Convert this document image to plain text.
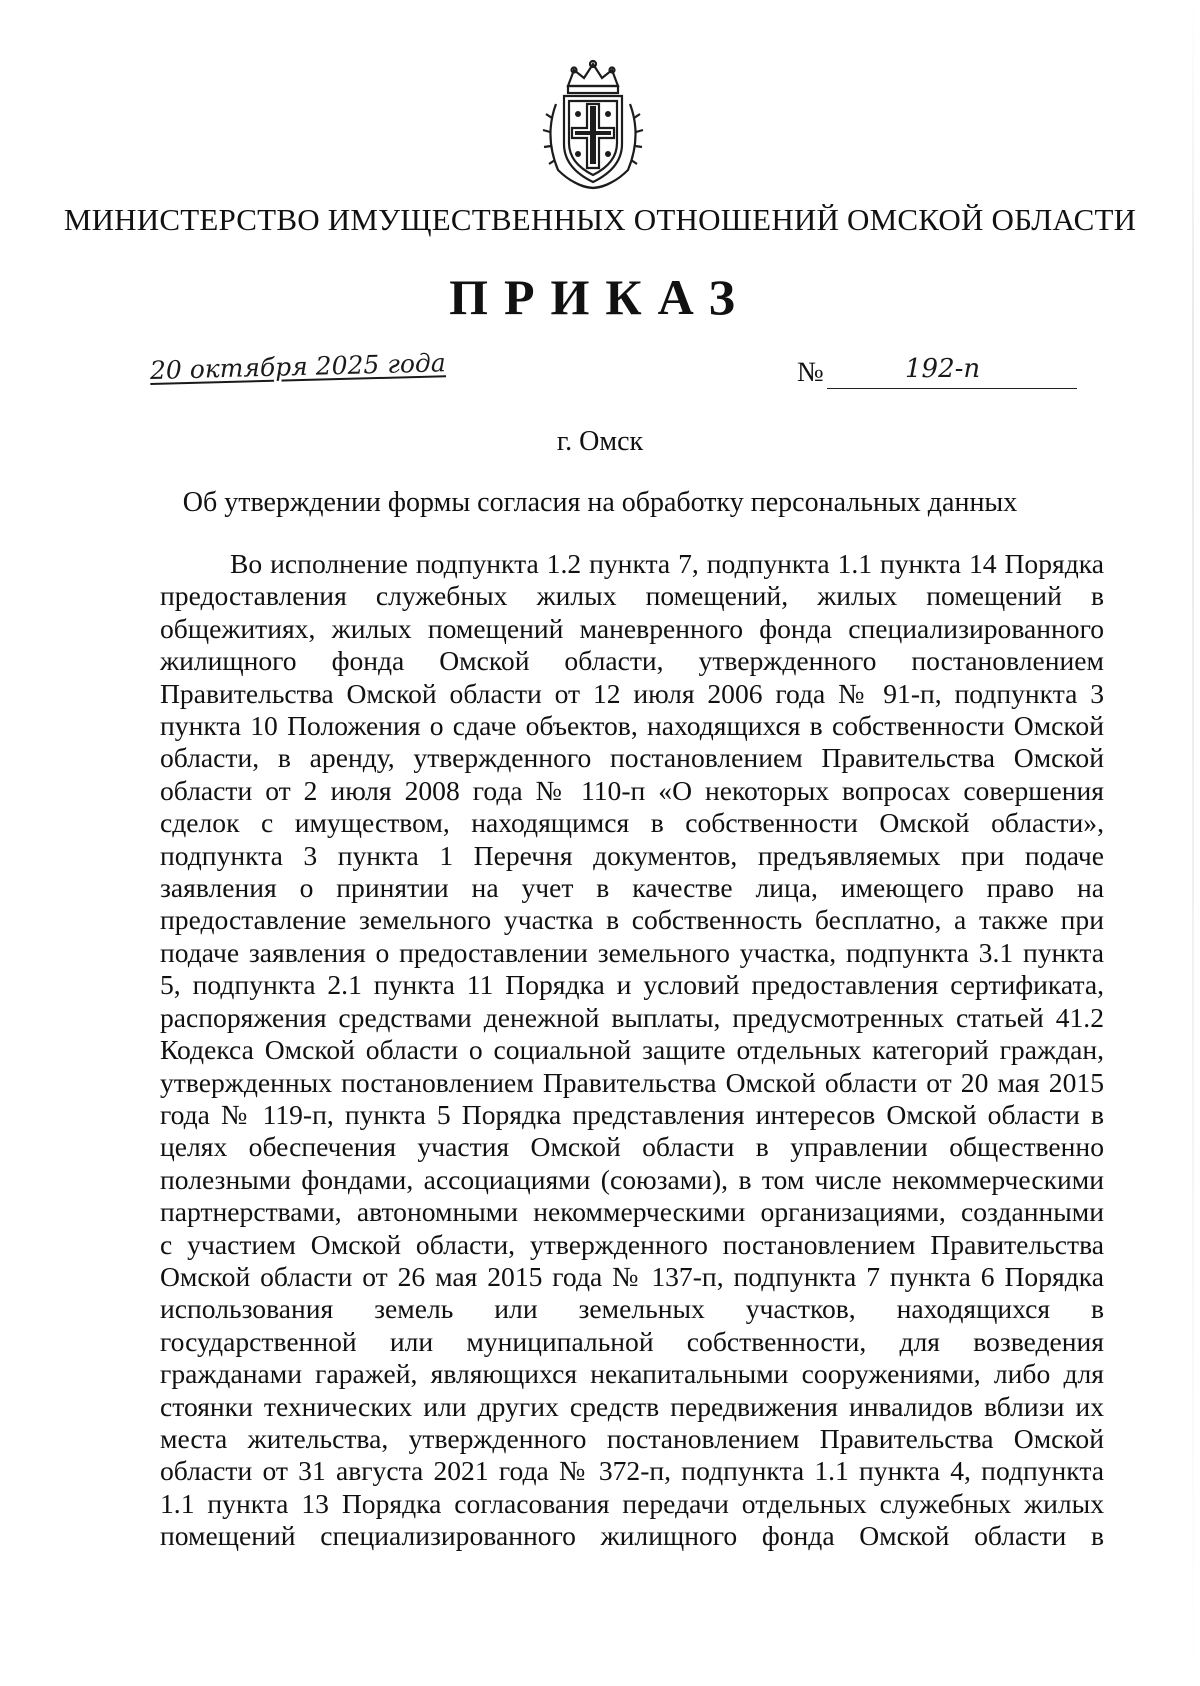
МИНИСТЕРСТВО ИМУЩЕСТВЕННЫХ ОТНОШЕНИЙ ОМСКОЙ ОБЛАСТИ
ПРИКАЗ
20 октября 2025 года	№	192-п
г. Омск
Об утверждении формы согласия на обработку персональных данных
Во исполнение подпункта 1.2 пункта 7, подпункта 1.1 пункта 14 Порядка
предоставления служебных жилых помещений, жилых помещений в
общежитиях, жилых помещений маневренного фонда специализированного
жилищного фонда Омской области, утвержденного постановлением
Правительства Омской области от 12 июля 2006 года № 91-п, подпункта 3
пункта 10 Положения о сдаче объектов, находящихся в собственности Омской
области, в аренду, утвержденного постановлением Правительства Омской
области от 2 июля 2008 года № 110-п «О некоторых вопросах совершения
сделок с имуществом, находящимся в собственности Омской области»,
подпункта 3 пункта 1 Перечня документов, предъявляемых при подаче
заявления о принятии на учет в качестве лица, имеющего право на
предоставление земельного участка в собственность бесплатно, а также при
подаче заявления о предоставлении земельного участка, подпункта 3.1 пункта
5, подпункта 2.1 пункта 11 Порядка и условий предоставления сертификата,
распоряжения средствами денежной выплаты, предусмотренных статьей 41.2
Кодекса Омской области о социальной защите отдельных категорий граждан,
утвержденных постановлением Правительства Омской области от 20 мая 2015
года № 119-п, пункта 5 Порядка представления интересов Омской области в
целях обеспечения участия Омской области в управлении общественно
полезными фондами, ассоциациями (союзами), в том числе некоммерческими
партнерствами, автономными некоммерческими организациями, созданными
с участием Омской области, утвержденного постановлением Правительства
Омской области от 26 мая 2015 года № 137-п, подпункта 7 пункта 6 Порядка
использования земель или земельных участков, находящихся в
государственной или муниципальной собственности, для возведения
гражданами гаражей, являющихся некапитальными сооружениями, либо для
стоянки технических или других средств передвижения инвалидов вблизи их
места жительства, утвержденного постановлением Правительства Омской
области от 31 августа 2021 года № 372-п, подпункта 1.1 пункта 4, подпункта
1.1 пункта 13 Порядка согласования передачи отдельных служебных жилых
помещений специализированного жилищного фонда Омской области в
